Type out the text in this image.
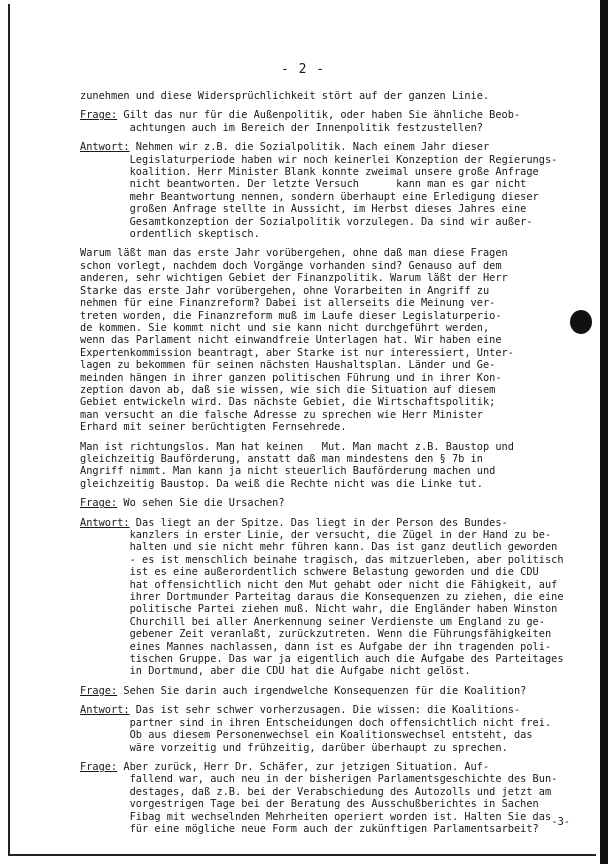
- 2 -

zunehmen und diese Widersprüchlichkeit stört auf der ganzen Linie.

Frage: Gilt das nur für die Außenpolitik, oder haben Sie ähnliche Beob-
achtungen auch im Bereich der Innenpolitik festzustellen?

Antwort: Nehmen wir z.B. die Sozialpolitik. Nach einem Jahr dieser
Legislaturperiode haben wir noch keinerlei Konzeption der Regierungs-
koalition. Herr Minister Blank konnte zweimal unsere große Anfrage
nicht beantworten. Der letzte Versuch      kann man es gar nicht
mehr Beantwortung nennen, sondern überhaupt eine Erledigung dieser
großen Anfrage stellte in Aussicht, im Herbst dieses Jahres eine
Gesamtkonzeption der Sozialpolitik vorzulegen. Da sind wir außer-
ordentlich skeptisch.

Warum läßt man das erste Jahr vorübergehen, ohne daß man diese Fragen
schon vorlegt, nachdem doch Vorgänge vorhanden sind? Genauso auf dem
anderen, sehr wichtigen Gebiet der Finanzpolitik. Warum läßt der Herr
Starke das erste Jahr vorübergehen, ohne Vorarbeiten in Angriff zu
nehmen für eine Finanzreform? Dabei ist allerseits die Meinung ver-
treten worden, die Finanzreform muß im Laufe dieser Legislaturperio-
de kommen. Sie kommt nicht und sie kann nicht durchgeführt werden,
wenn das Parlament nicht einwandfreie Unterlagen hat. Wir haben eine
Expertenkommission beantragt, aber Starke ist nur interessiert, Unter-
lagen zu bekommen für seinen nächsten Haushaltsplan. Länder und Ge-
meinden hängen in ihrer ganzen politischen Führung und in ihrer Kon-
zeption davon ab, daß sie wissen, wie sich die Situation auf diesem
Gebiet entwickeln wird. Das nächste Gebiet, die Wirtschaftspolitik;
man versucht an die falsche Adresse zu sprechen wie Herr Minister
Erhard mit seiner berüchtigten Fernsehrede.

Man ist richtungslos. Man hat keinen   Mut. Man macht z.B. Baustop und
gleichzeitig Bauförderung, anstatt daß man mindestens den § 7b in
Angriff nimmt. Man kann ja nicht steuerlich Bauförderung machen und
gleichzeitig Baustop. Da weiß die Rechte nicht was die Linke tut.

Frage: Wo sehen Sie die Ursachen?

Antwort: Das liegt an der Spitze. Das liegt in der Person des Bundes-
kanzlers in erster Linie, der versucht, die Zügel in der Hand zu be-
halten und sie nicht mehr führen kann. Das ist ganz deutlich geworden
- es ist menschlich beinahe tragisch, das mitzuerleben, aber politisch
ist es eine außerordentlich schwere Belastung geworden und die CDU
hat offensichtlich nicht den Mut gehabt oder nicht die Fähigkeit, auf
ihrer Dortmunder Parteitag daraus die Konsequenzen zu ziehen, die eine
politische Partei ziehen muß. Nicht wahr, die Engländer haben Winston
Churchill bei aller Anerkennung seiner Verdienste um England zu ge-
gebener Zeit veranlaßt, zurückzutreten. Wenn die Führungsfähigkeiten
eines Mannes nachlassen, dann ist es Aufgabe der ihn tragenden poli-
tischen Gruppe. Das war ja eigentlich auch die Aufgabe des Parteitages
in Dortmund, aber die CDU hat die Aufgabe nicht gelöst.

Frage: Sehen Sie darin auch irgendwelche Konsequenzen für die Koalition?

Antwort: Das ist sehr schwer vorherzusagen. Die wissen: die Koalitions-
partner sind in ihren Entscheidungen doch offensichtlich nicht frei.
Ob aus diesem Personenwechsel ein Koalitionswechsel entsteht, das
wäre vorzeitig und frühzeitig, darüber überhaupt zu sprechen.

Frage: Aber zurück, Herr Dr. Schäfer, zur jetzigen Situation. Auf-
fallend war, auch neu in der bisherigen Parlamentsgeschichte des Bun-
destages, daß z.B. bei der Verabschiedung des Autozolls und jetzt am
vorgestrigen Tage bei der Beratung des Ausschußberichtes in Sachen
Fibag mit wechselnden Mehrheiten operiert worden ist. Halten Sie das
für eine mögliche neue Form auch der zukünftigen Parlamentsarbeit?

-3-
